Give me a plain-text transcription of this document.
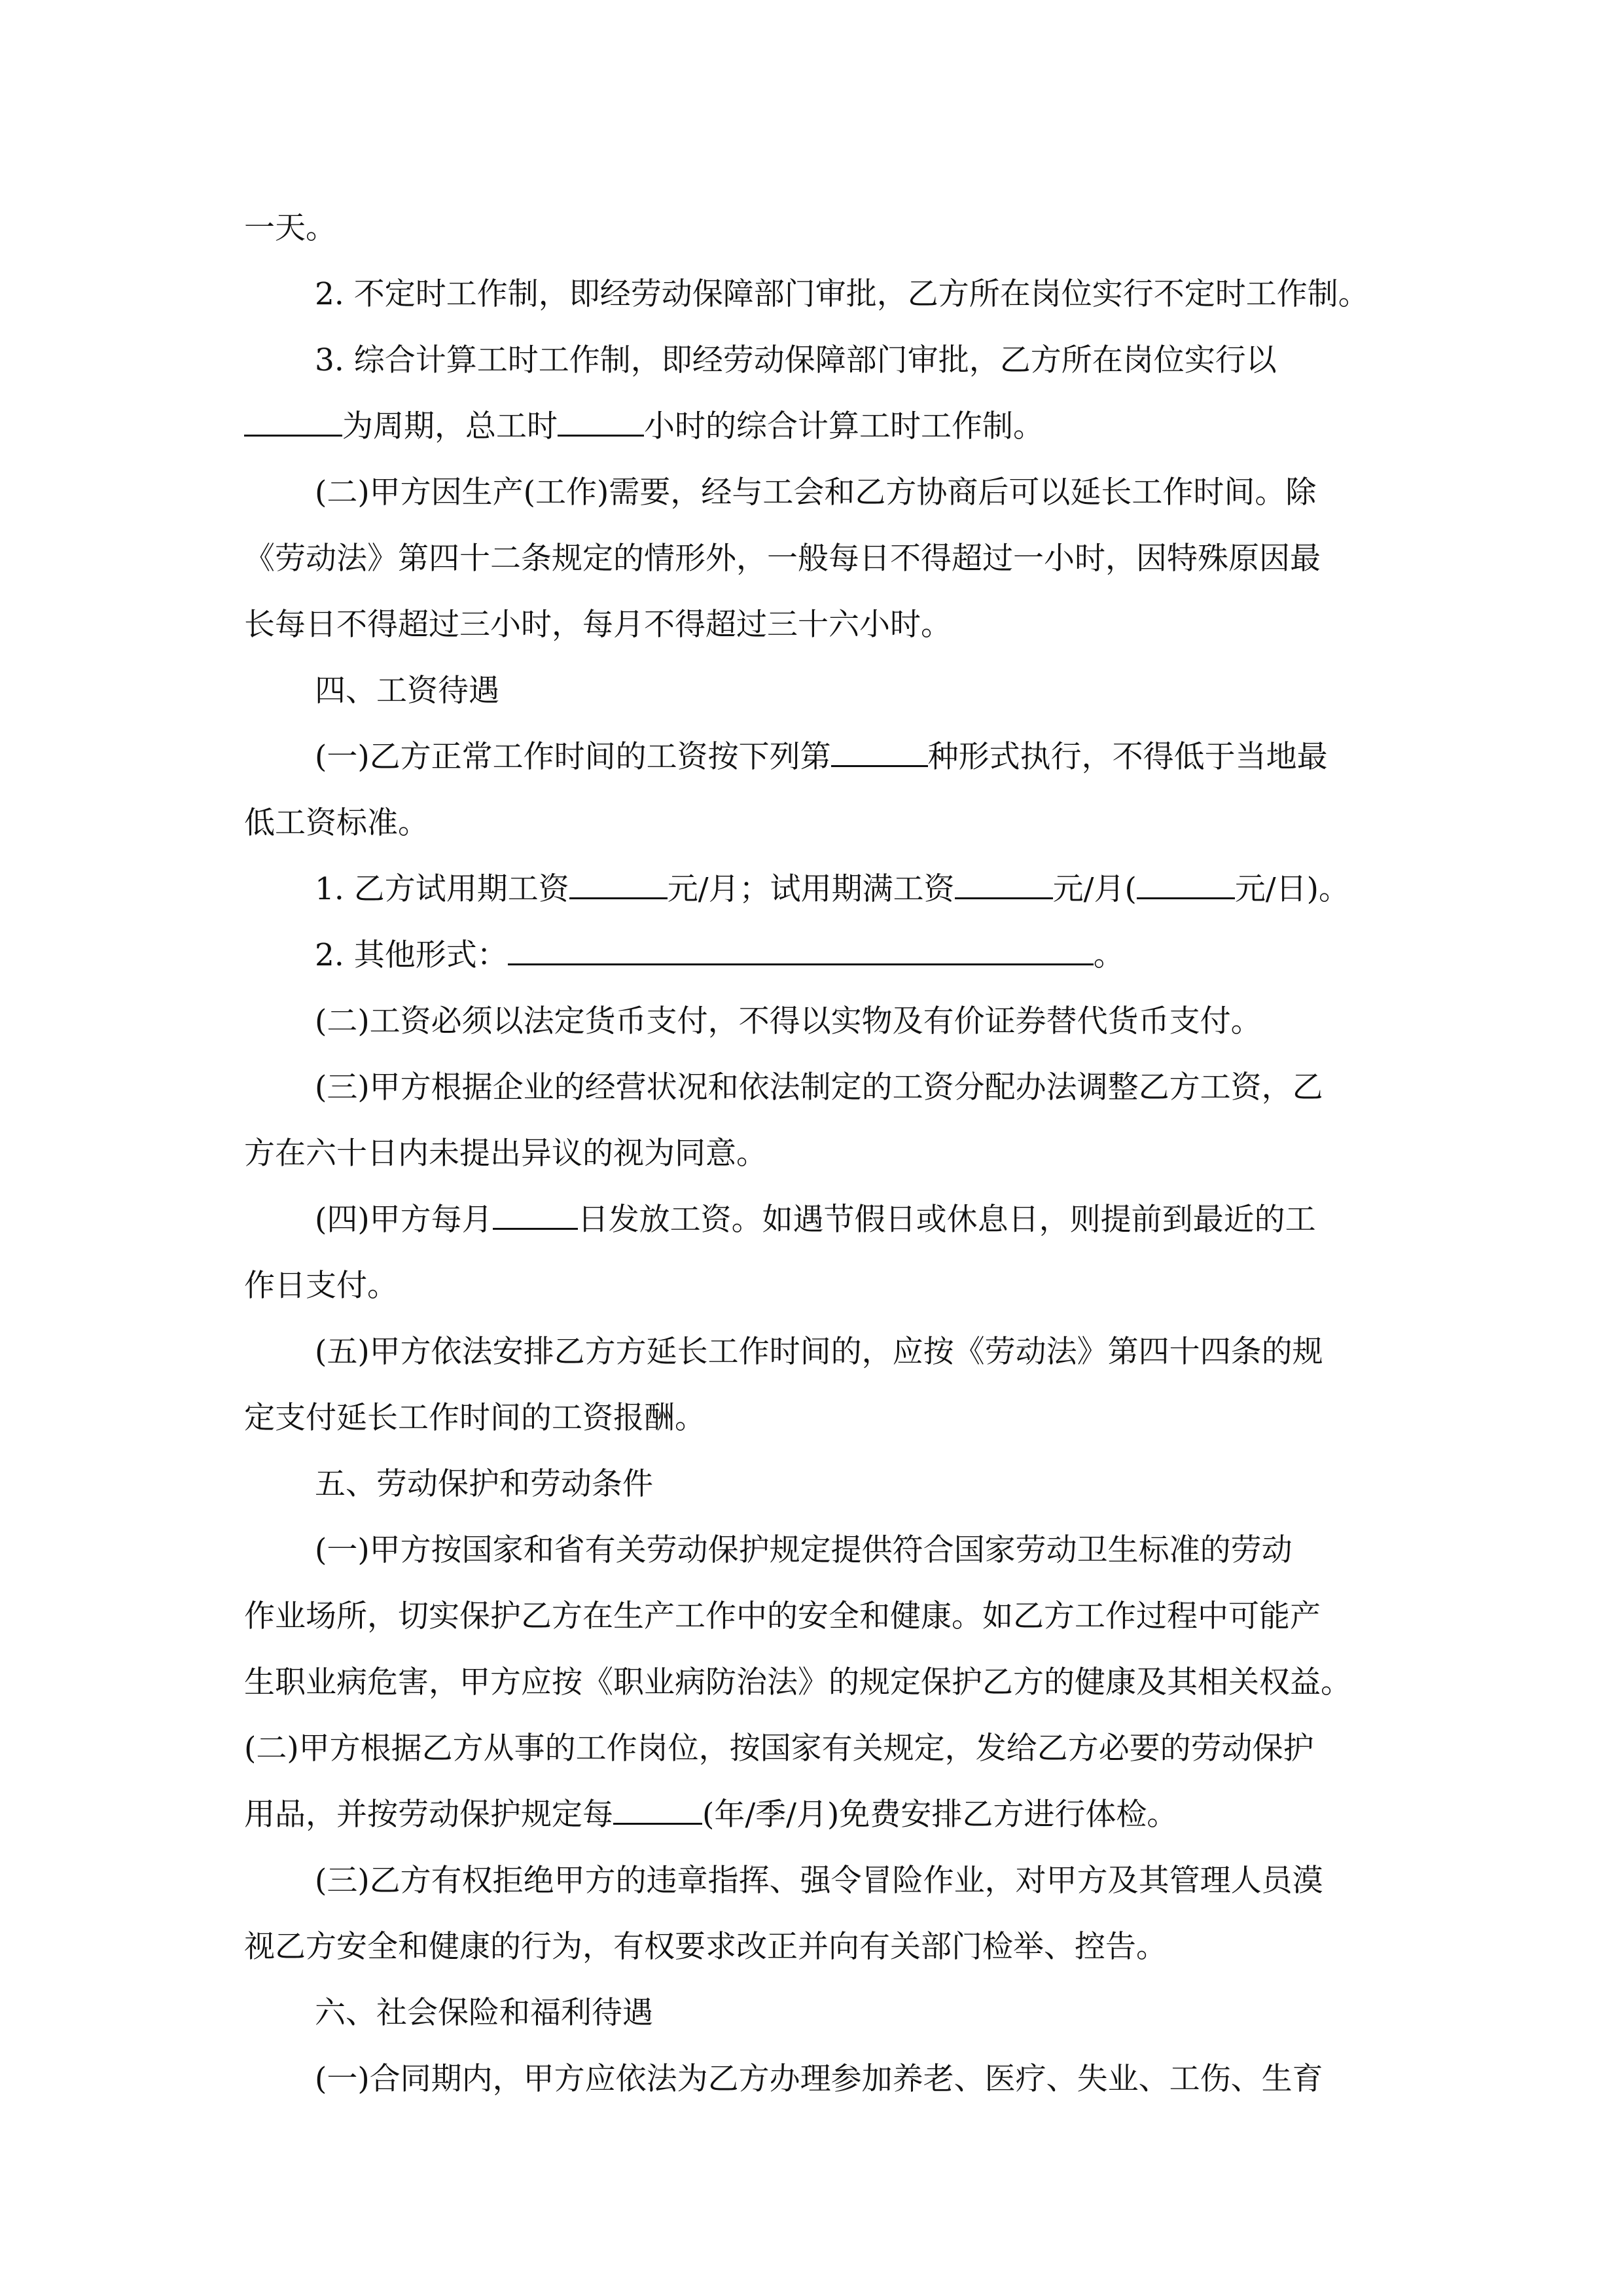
一天。

2. 不定时工作制，即经劳动保障部门审批，乙方所在岗位实行不定时工作制。

3. 综合计算工时工作制，即经劳动保障部门审批，乙方所在岗位实行以

为周期，总工时	小时的综合计算工时工作制。

(二)甲方因生产(工作)需要，经与工会和乙方协商后可以延长工作时间。除

《劳动法》第四十二条规定的情形外，一般每日不得超过一小时，因特殊原因最

长每日不得超过三小时，每月不得超过三十六小时。

四、工资待遇

(一)乙方正常工作时间的工资按下列第	种形式执行，不得低于当地最

低工资标准。

1. 乙方试用期工资	元/月；试用期满工资	元/月(	元/日)。

2. 其他形式：	。

(二)工资必须以法定货币支付，不得以实物及有价证券替代货币支付。

(三)甲方根据企业的经营状况和依法制定的工资分配办法调整乙方工资，乙

方在六十日内未提出异议的视为同意。

(四)甲方每月	日发放工资。如遇节假日或休息日，则提前到最近的工

作日支付。

(五)甲方依法安排乙方方延长工作时间的，应按《劳动法》第四十四条的规

定支付延长工作时间的工资报酬。

五、劳动保护和劳动条件

(一)甲方按国家和省有关劳动保护规定提供符合国家劳动卫生标准的劳动

作业场所，切实保护乙方在生产工作中的安全和健康。如乙方工作过程中可能产

生职业病危害，甲方应按《职业病防治法》的规定保护乙方的健康及其相关权益。

(二)甲方根据乙方从事的工作岗位，按国家有关规定，发给乙方必要的劳动保护

用品，并按劳动保护规定每	(年/季/月)免费安排乙方进行体检。

(三)乙方有权拒绝甲方的违章指挥、强令冒险作业，对甲方及其管理人员漠

视乙方安全和健康的行为，有权要求改正并向有关部门检举、控告。

六、社会保险和福利待遇

(一)合同期内，甲方应依法为乙方办理参加养老、医疗、失业、工伤、生育
